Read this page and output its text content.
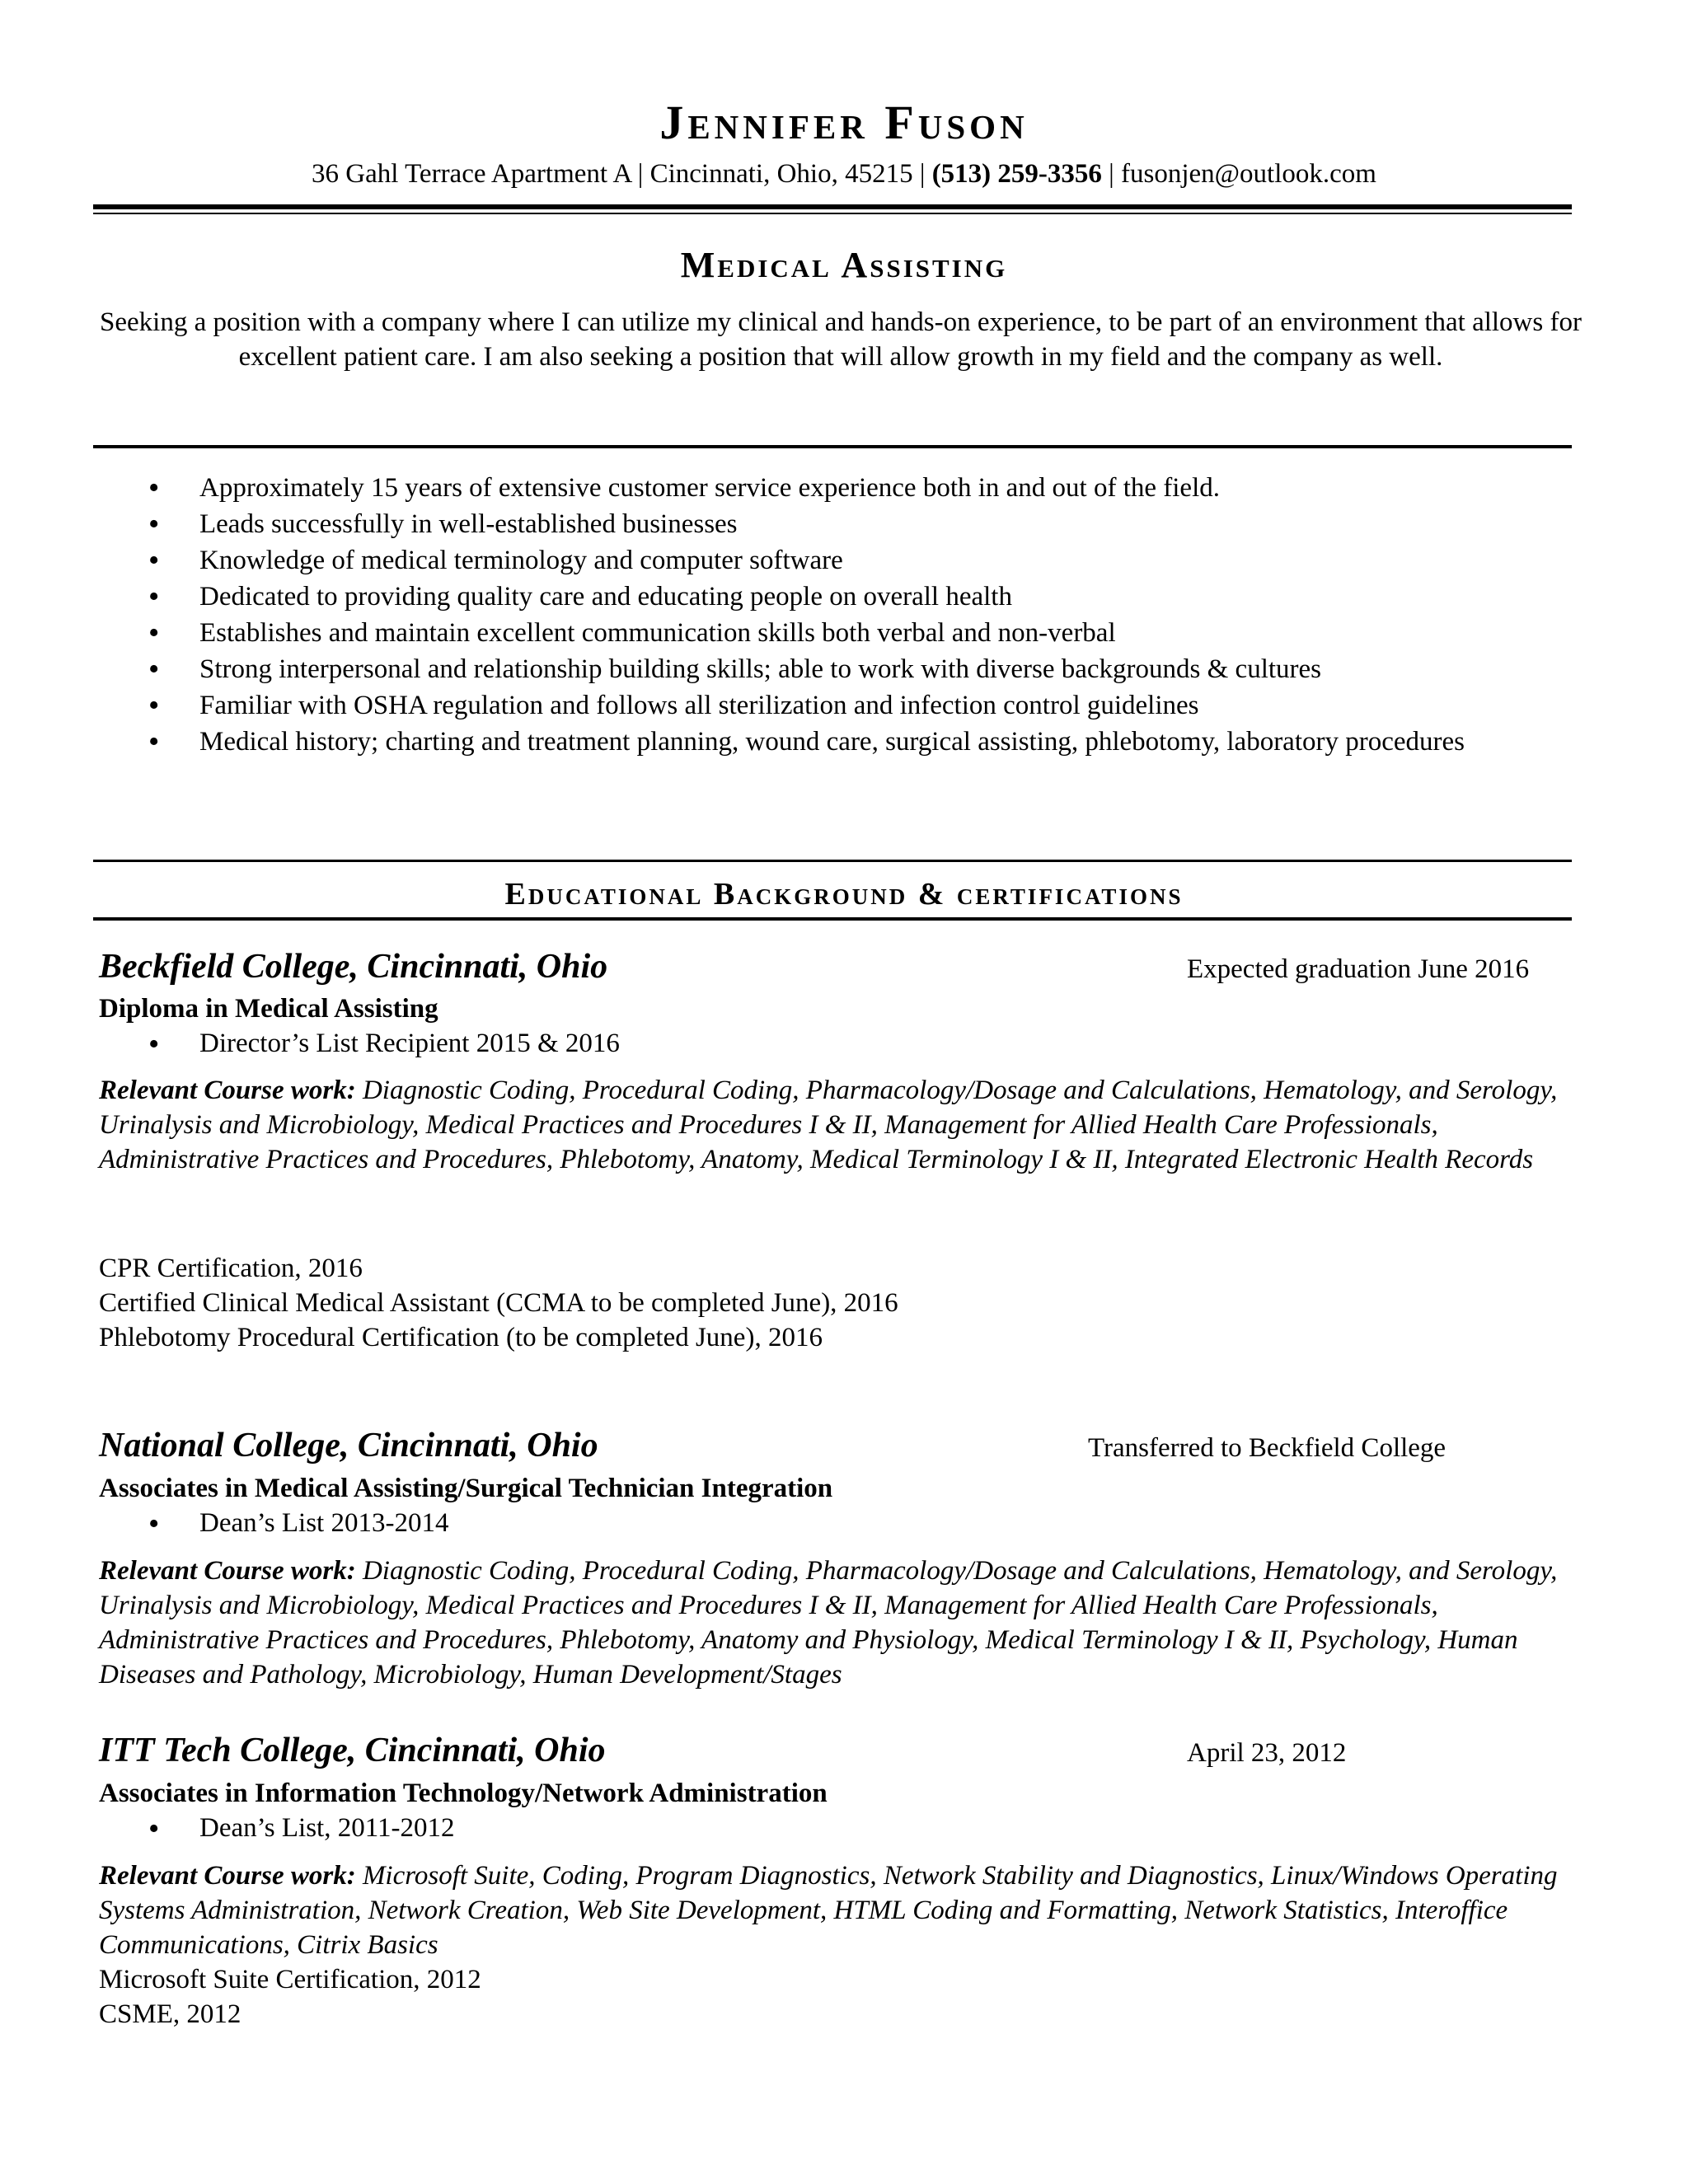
Jennifer Fuson
36 Gahl Terrace Apartment A | Cincinnati, Ohio, 45215 | (513) 259-3356 | fusonjen@outlook.com
Medical Assisting
Seeking a position with a company where I can utilize my clinical and hands-on experience, to be part of an environment that allows for excellent patient care. I am also seeking a position that will allow growth in my field and the company as well.
• Approximately 15 years of extensive customer service experience both in and out of the field.
• Leads successfully in well-established businesses
• Knowledge of medical terminology and computer software
• Dedicated to providing quality care and educating people on overall health
• Establishes and maintain excellent communication skills both verbal and non-verbal
• Strong interpersonal and relationship building skills; able to work with diverse backgrounds & cultures
• Familiar with OSHA regulation and follows all sterilization and infection control guidelines
• Medical history; charting and treatment planning, wound care, surgical assisting, phlebotomy, laboratory procedures
Educational Background & certifications
Beckfield College, Cincinnati, Ohio	Expected graduation June 2016
Diploma in Medical Assisting
• Director’s List Recipient 2015 & 2016
Relevant Course work: Diagnostic Coding, Procedural Coding, Pharmacology/Dosage and Calculations, Hematology, and Serology, Urinalysis and Microbiology, Medical Practices and Procedures I & II, Management for Allied Health Care Professionals, Administrative Practices and Procedures, Phlebotomy, Anatomy, Medical Terminology I & II, Integrated Electronic Health Records
CPR Certification, 2016
Certified Clinical Medical Assistant (CCMA to be completed June), 2016
Phlebotomy Procedural Certification (to be completed June), 2016
National College, Cincinnati, Ohio	Transferred to Beckfield College
Associates in Medical Assisting/Surgical Technician Integration
• Dean’s List 2013-2014
Relevant Course work: Diagnostic Coding, Procedural Coding, Pharmacology/Dosage and Calculations, Hematology, and Serology, Urinalysis and Microbiology, Medical Practices and Procedures I & II, Management for Allied Health Care Professionals, Administrative Practices and Procedures, Phlebotomy, Anatomy and Physiology, Medical Terminology I & II, Psychology, Human Diseases and Pathology, Microbiology, Human Development/Stages
ITT Tech College, Cincinnati, Ohio	April 23, 2012
Associates in Information Technology/Network Administration
• Dean’s List, 2011-2012
Relevant Course work: Microsoft Suite, Coding, Program Diagnostics, Network Stability and Diagnostics, Linux/Windows Operating Systems Administration, Network Creation, Web Site Development, HTML Coding and Formatting, Network Statistics, Interoffice Communications, Citrix Basics
Microsoft Suite Certification, 2012
CSME, 2012
